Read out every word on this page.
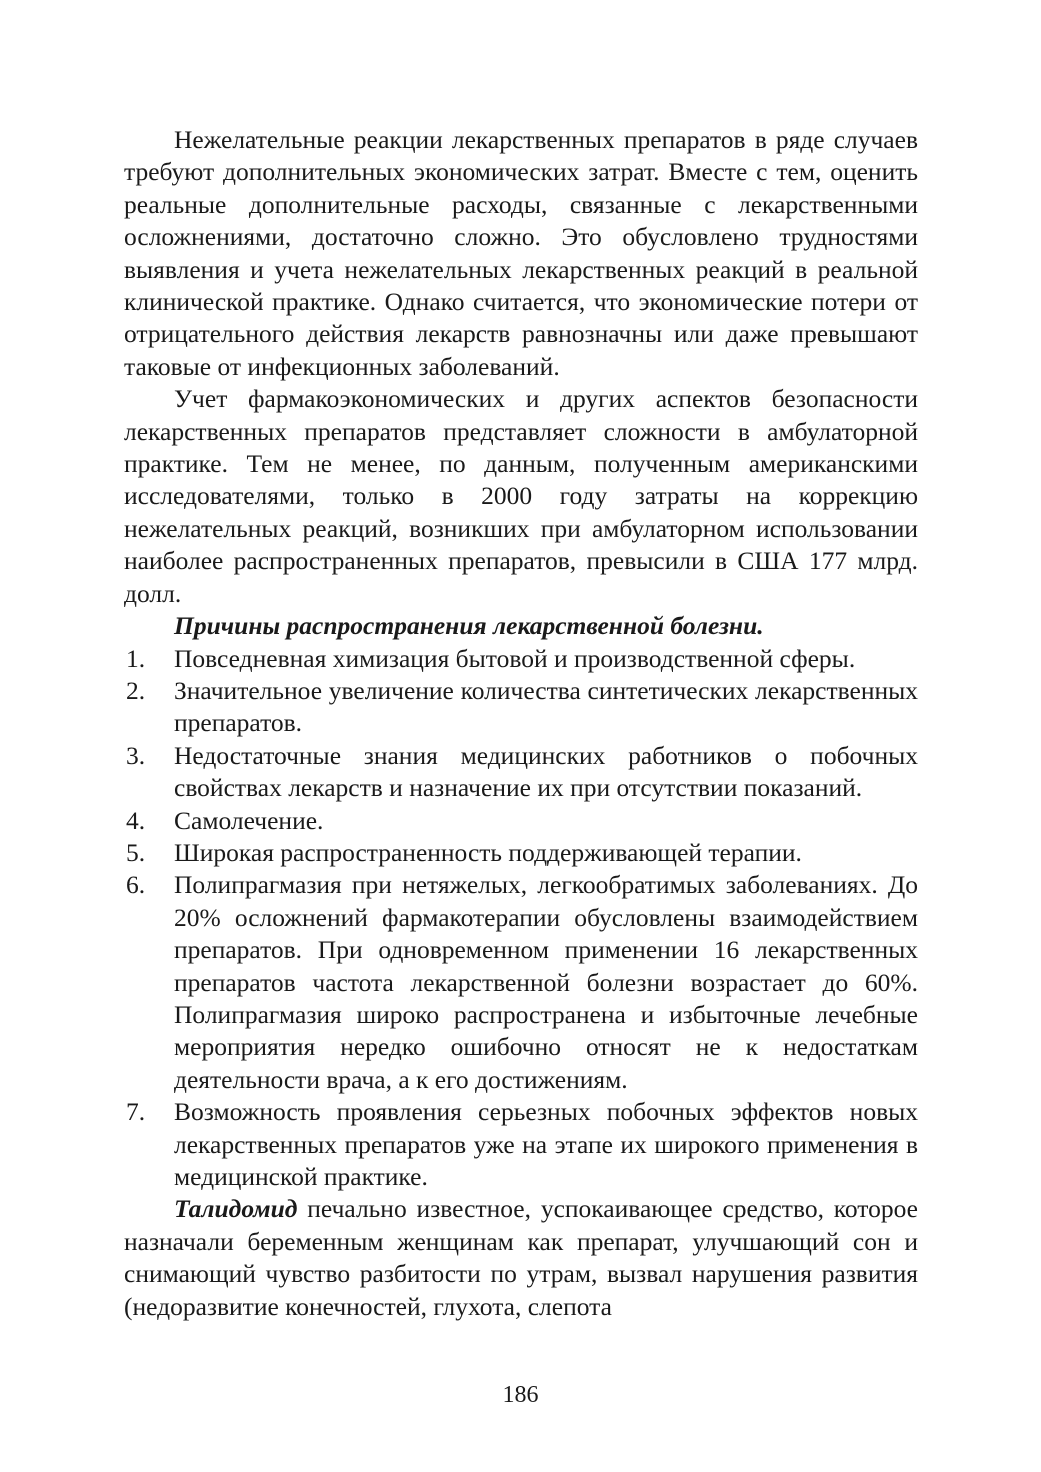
Нежелательные реакции лекарственных препаратов в ряде случаев требуют дополнительных экономических затрат. Вместе с тем, оценить реальные дополнительные расходы, связанные с лекарственными осложнениями, достаточно сложно. Это обусловлено трудностями выявления и учета нежелательных лекарственных реакций в реальной клинической практике. Однако считается, что экономические потери от отрицательного действия лекарств равнозначны или даже превышают таковые от инфекционных заболеваний.

Учет фармакоэкономических и других аспектов безопасности лекарственных препаратов представляет сложности в амбулаторной практике. Тем не менее, по данным, полученным американскими исследователями, только в 2000 году затраты на коррекцию нежелательных реакций, возникших при амбулаторном использовании наиболее распространенных препаратов, превысили в США 177 млрд. долл.

Причины распространения лекарственной болезни.
1. Повседневная химизация бытовой и производственной сферы.
2. Значительное увеличение количества синтетических лекарственных препаратов.
3. Недостаточные знания медицинских работников о побочных свойствах лекарств и назначение их при отсутствии показаний.
4. Самолечение.
5. Широкая распространенность поддерживающей терапии.
6. Полипрагмазия при нетяжелых, легкообратимых заболеваниях. До 20% осложнений фармакотерапии обусловлены взаимодействием препаратов. При одновременном применении 16 лекарственных препаратов частота лекарственной болезни возрастает до 60%. Полипрагмазия широко распространена и избыточные лечебные мероприятия нередко ошибочно относят не к недостаткам деятельности врача, а к его достижениям.
7. Возможность проявления серьезных побочных эффектов новых лекарственных препаратов уже на этапе их широкого применения в медицинской практике.

Талидомид печально известное, успокаивающее средство, которое назначали беременным женщинам как препарат, улучшающий сон и снимающий чувство разбитости по утрам, вызвал нарушения развития (недоразвитие конечностей, глухота, слепота

186
